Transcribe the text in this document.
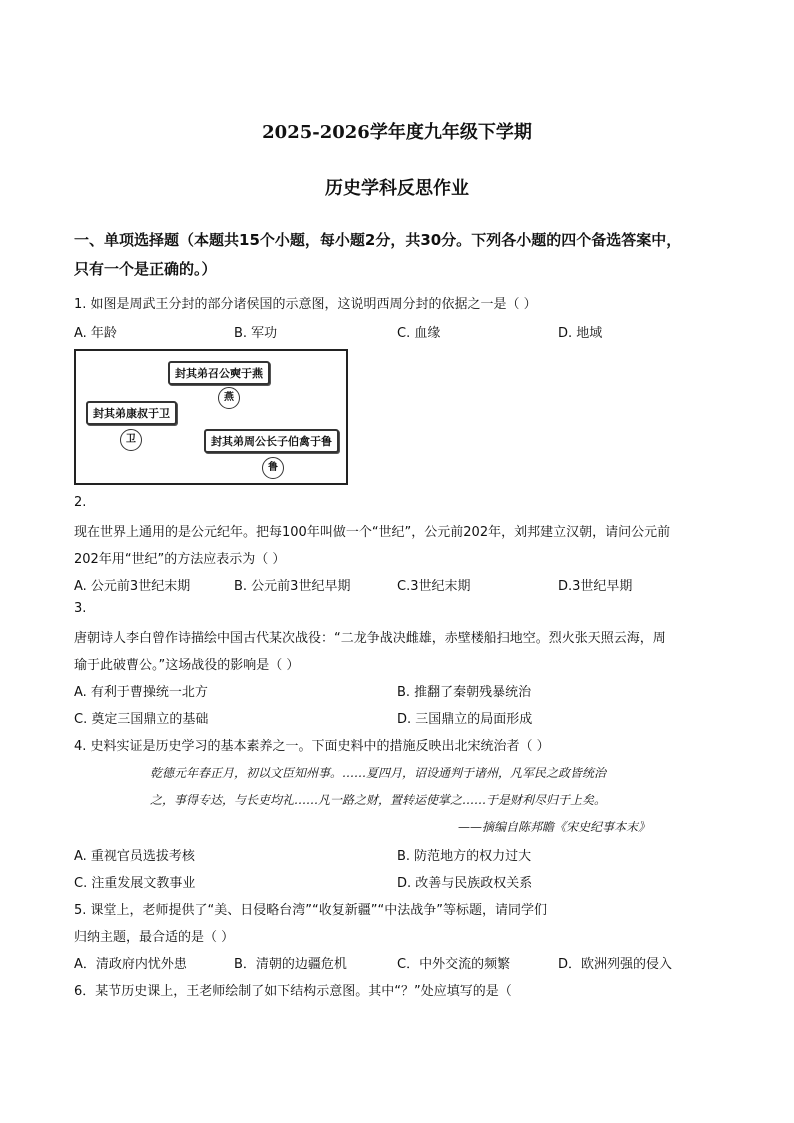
2025-2026学年度九年级下学期
历史学科反思作业
一、单项选择题（本题共15个小题，每小题2分，共30分。下列各小题的四个备选答案中，
只有一个是正确的。）
1. 如图是周武王分封的部分诸侯国的示意图，这说明西周分封的依据之一是（ ）
A. 年龄	B. 军功	C. 血缘	D. 地域
封其弟召公奭于燕
燕
封其弟康叔于卫
卫	封其弟周公长子伯禽于鲁
鲁
2.
现在世界上通用的是公元纪年。把每100年叫做一个“世纪”，公元前202年，刘邦建立汉朝，请问公元前
202年用“世纪”的方法应表示为（ ）
A. 公元前3世纪末期	B. 公元前3世纪早期	C.3世纪末期	D.3世纪早期
3.
唐朝诗人李白曾作诗描绘中国古代某次战役：“二龙争战决雌雄，赤壁楼船扫地空。烈火张天照云海，周
瑜于此破曹公。”这场战役的影响是（ ）
A. 有利于曹操统一北方	B. 推翻了秦朝残暴统治
C. 奠定三国鼎立的基础	D. 三国鼎立的局面形成
4. 史料实证是历史学习的基本素养之一。下面史料中的措施反映出北宋统治者（ ）
乾德元年春正月，初以文臣知州事。……夏四月，诏设通判于诸州，凡军民之政皆统治
之，事得专达，与长吏均礼……凡一路之财，置转运使掌之……于是财利尽归于上矣。
——摘编自陈邦瞻《宋史纪事本末》
A. 重视官员选拔考核	B. 防范地方的权力过大
C. 注重发展文教事业	D. 改善与民族政权关系
5. 课堂上，老师提供了“美、日侵略台湾”“收复新疆”“中法战争”等标题，请同学们
归纳主题，最合适的是（ ）
A．清政府内忧外患	B．清朝的边疆危机	C．中外交流的频繁	D．欧洲列强的侵入
6．某节历史课上，王老师绘制了如下结构示意图。其中“？”处应填写的是（
